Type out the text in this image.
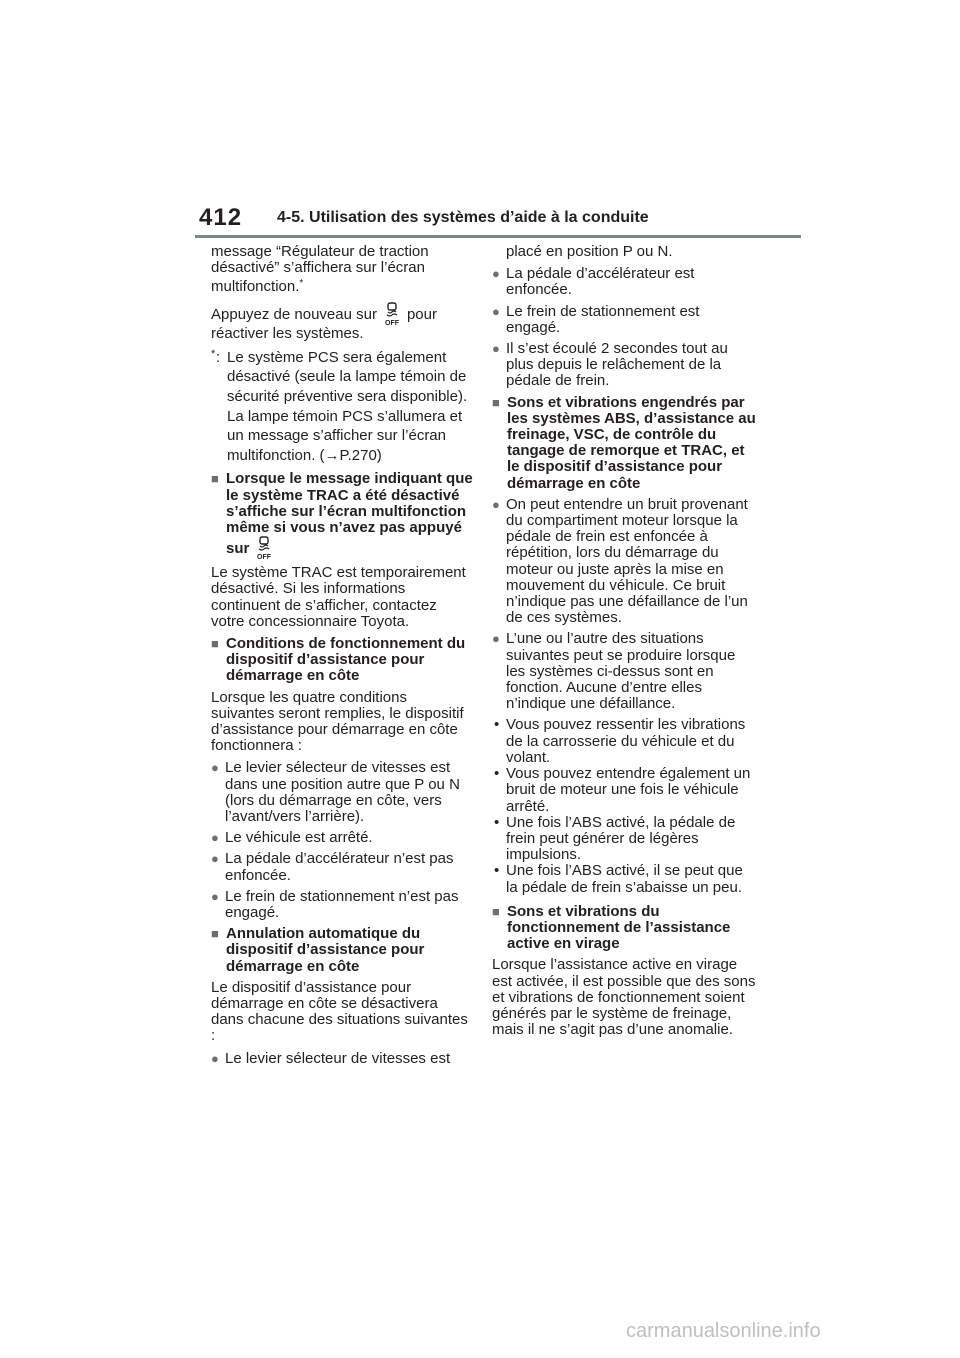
412 4-5. Utilisation des systèmes d’aide à la conduite

message “Régulateur de traction désactivé” s’affichera sur l’écran multifonction.*

Appuyez de nouveau sur
OFF
pour réactiver les systèmes.

* : Le système PCS sera également désactivé (seule la lampe témoin de sécurité préventive sera disponible). La lampe témoin PCS s’allumera et un message s’afficher sur l’écran multifonction. (→P.270)
■ Lorsque le message indiquant que le système TRAC a été désactivé s’affiche sur l’écran multifonction même si vous n’avez pas appuyé sur
OFF

Le système TRAC est temporairement désactivé. Si les informations continuent de s’afficher, contactez votre concessionnaire Toyota.

■ Conditions de fonctionnement du dispositif d’assistance pour démarrage en côte

Lorsque les quatre conditions suivantes seront remplies, le dispositif d’assistance pour démarrage en côte fonctionnera :

● Le levier sélecteur de vitesses est dans une position autre que P ou N (lors du démarrage en côte, vers l’avant/vers l’arrière).
● Le véhicule est arrêté.
● La pédale d’accélérateur n’est pas enfoncée.
● Le frein de stationnement n’est pas engagé.
■ Annulation automatique du dispositif d’assistance pour démarrage en côte

Le dispositif d’assistance pour démarrage en côte se désactivera dans chacune des situations suivantes :

● Le levier sélecteur de vitesses est

placé en position P ou N.

● La pédale d’accélérateur est enfoncée.
● Le frein de stationnement est engagé.
● Il s’est écoulé 2 secondes tout au plus depuis le relâchement de la pédale de frein.
■ Sons et vibrations engendrés par les systèmes ABS, d’assistance au freinage, VSC, de contrôle du tangage de remorque et TRAC, et le dispositif d’assistance pour démarrage en côte
● On peut entendre un bruit provenant du compartiment moteur lorsque la pédale de frein est enfoncée à répétition, lors du démarrage du moteur ou juste après la mise en mouvement du véhicule. Ce bruit n’indique pas une défaillance de l’un de ces systèmes.
● L’une ou l’autre des situations suivantes peut se produire lorsque les systèmes ci-dessus sont en fonction. Aucune d’entre elles n’indique une défaillance.
• Vous pouvez ressentir les vibrations de la carrosserie du véhicule et du volant.
• Vous pouvez entendre également un bruit de moteur une fois le véhicule arrêté.
• Une fois l’ABS activé, la pédale de frein peut générer de légères impulsions.
• Une fois l’ABS activé, il se peut que la pédale de frein s’abaisse un peu.
■ Sons et vibrations du fonctionnement de l’assistance active en virage

Lorsque l’assistance active en virage est activée, il est possible que des sons et vibrations de fonctionnement soient générés par le système de freinage, mais il ne s’agit pas d’une anomalie.

carmanualsonline.info
